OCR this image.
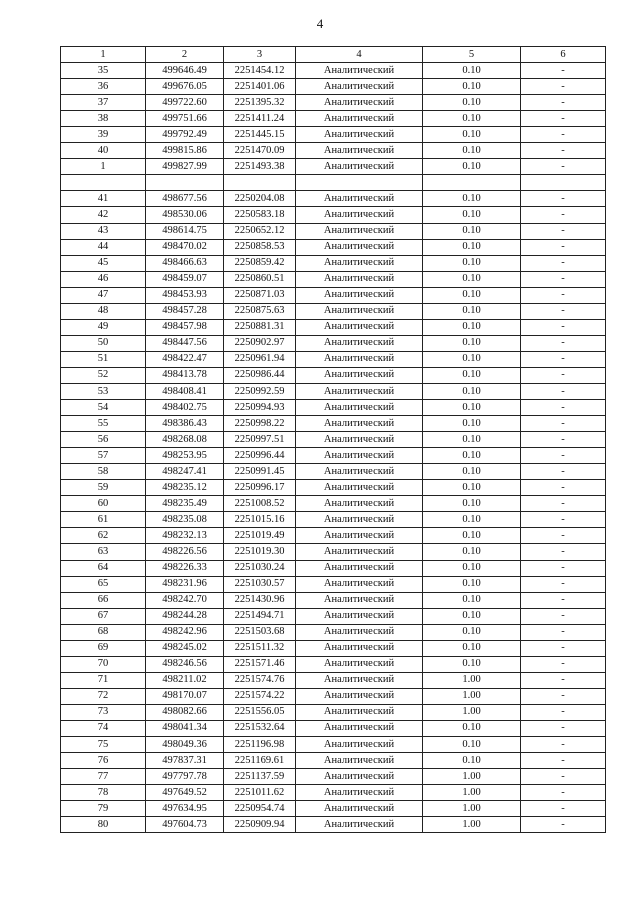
4
1	2	3	4	5	6
35	499646.49	2251454.12	Аналитический	0.10	-
36	499676.05	2251401.06	Аналитический	0.10	-
37	499722.60	2251395.32	Аналитический	0.10	-
38	499751.66	2251411.24	Аналитический	0.10	-
39	499792.49	2251445.15	Аналитический	0.10	-
40	499815.86	2251470.09	Аналитический	0.10	-
1	499827.99	2251493.38	Аналитический	0.10	-

41	498677.56	2250204.08	Аналитический	0.10	-
42	498530.06	2250583.18	Аналитический	0.10	-
43	498614.75	2250652.12	Аналитический	0.10	-
44	498470.02	2250858.53	Аналитический	0.10	-
45	498466.63	2250859.42	Аналитический	0.10	-
46	498459.07	2250860.51	Аналитический	0.10	-
47	498453.93	2250871.03	Аналитический	0.10	-
48	498457.28	2250875.63	Аналитический	0.10	-
49	498457.98	2250881.31	Аналитический	0.10	-
50	498447.56	2250902.97	Аналитический	0.10	-
51	498422.47	2250961.94	Аналитический	0.10	-
52	498413.78	2250986.44	Аналитический	0.10	-
53	498408.41	2250992.59	Аналитический	0.10	-
54	498402.75	2250994.93	Аналитический	0.10	-
55	498386.43	2250998.22	Аналитический	0.10	-
56	498268.08	2250997.51	Аналитический	0.10	-
57	498253.95	2250996.44	Аналитический	0.10	-
58	498247.41	2250991.45	Аналитический	0.10	-
59	498235.12	2250996.17	Аналитический	0.10	-
60	498235.49	2251008.52	Аналитический	0.10	-
61	498235.08	2251015.16	Аналитический	0.10	-
62	498232.13	2251019.49	Аналитический	0.10	-
63	498226.56	2251019.30	Аналитический	0.10	-
64	498226.33	2251030.24	Аналитический	0.10	-
65	498231.96	2251030.57	Аналитический	0.10	-
66	498242.70	2251430.96	Аналитический	0.10	-
67	498244.28	2251494.71	Аналитический	0.10	-
68	498242.96	2251503.68	Аналитический	0.10	-
69	498245.02	2251511.32	Аналитический	0.10	-
70	498246.56	2251571.46	Аналитический	0.10	-
71	498211.02	2251574.76	Аналитический	1.00	-
72	498170.07	2251574.22	Аналитический	1.00	-
73	498082.66	2251556.05	Аналитический	1.00	-
74	498041.34	2251532.64	Аналитический	0.10	-
75	498049.36	2251196.98	Аналитический	0.10	-
76	497837.31	2251169.61	Аналитический	0.10	-
77	497797.78	2251137.59	Аналитический	1.00	-
78	497649.52	2251011.62	Аналитический	1.00	-
79	497634.95	2250954.74	Аналитический	1.00	-
80	497604.73	2250909.94	Аналитический	1.00	-
